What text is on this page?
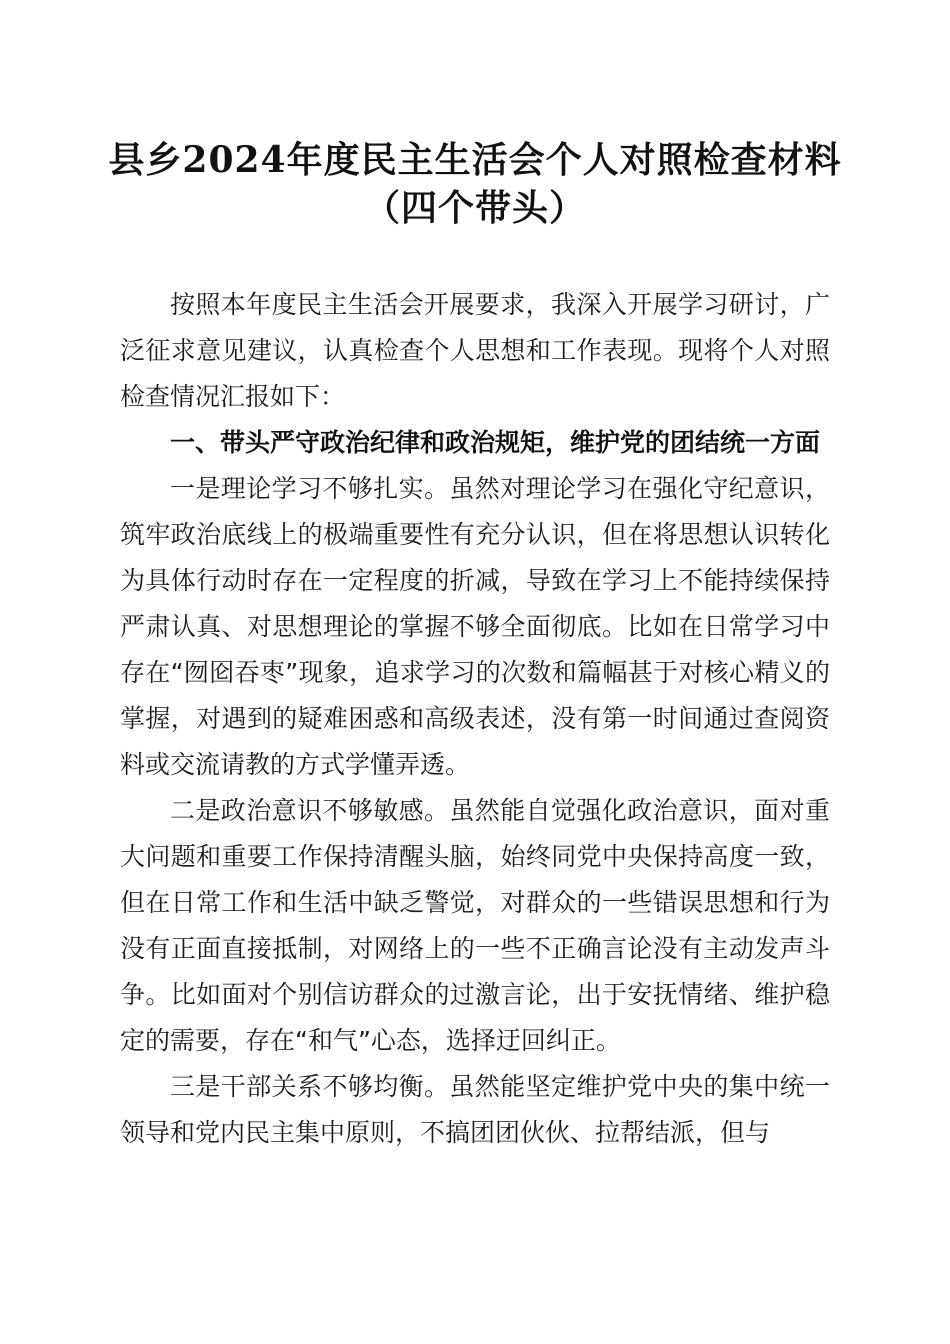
县乡2024年度民主生活会个人对照检查材料
（四个带头）

按照本年度民主生活会开展要求，我深入开展学习研讨，广泛征求意见建议，认真检查个人思想和工作表现。现将个人对照检查情况汇报如下：

一、带头严守政治纪律和政治规矩，维护党的团结统一方面

一是理论学习不够扎实。虽然对理论学习在强化守纪意识，筑牢政治底线上的极端重要性有充分认识，但在将思想认识转化为具体行动时存在一定程度的折减，导致在学习上不能持续保持严肃认真、对思想理论的掌握不够全面彻底。比如在日常学习中存在“囫囵吞枣”现象，追求学习的次数和篇幅甚于对核心精义的掌握，对遇到的疑难困惑和高级表述，没有第一时间通过查阅资料或交流请教的方式学懂弄透。

二是政治意识不够敏感。虽然能自觉强化政治意识，面对重大问题和重要工作保持清醒头脑，始终同党中央保持高度一致，但在日常工作和生活中缺乏警觉，对群众的一些错误思想和行为没有正面直接抵制，对网络上的一些不正确言论没有主动发声斗争。比如面对个别信访群众的过激言论，出于安抚情绪、维护稳定的需要，存在“和气”心态，选择迂回纠正。

三是干部关系不够均衡。虽然能坚定维护党中央的集中统一领导和党内民主集中原则，不搞团团伙伙、拉帮结派，但与
